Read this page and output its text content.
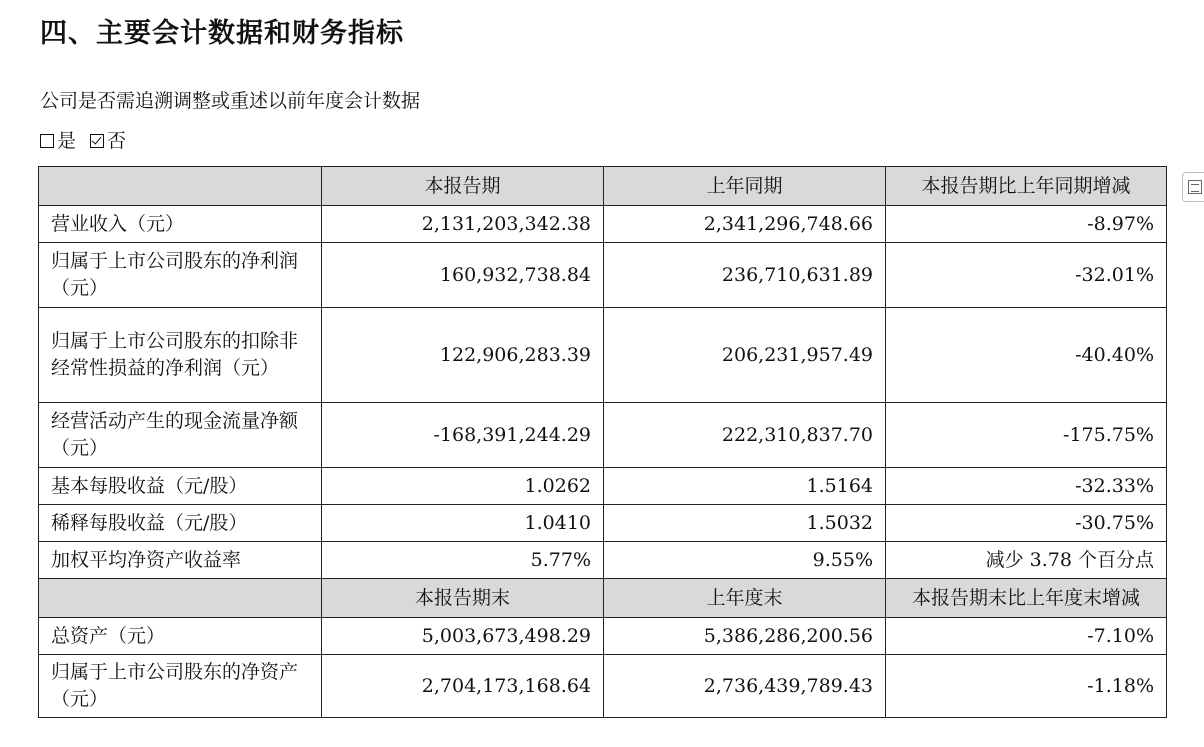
四、主要会计数据和财务指标
公司是否需追溯调整或重述以前年度会计数据
是 否
	本报告期	上年同期	本报告期比上年同期增减
营业收入（元）	2,131,203,342.38	2,341,296,748.66	-8.97%
归属于上市公司股东的净利润（元）	160,932,738.84	236,710,631.89	-32.01%
归属于上市公司股东的扣除非经常性损益的净利润（元）	122,906,283.39	206,231,957.49	-40.40%
经营活动产生的现金流量净额（元）	-168,391,244.29	222,310,837.70	-175.75%
基本每股收益（元/股）	1.0262	1.5164	-32.33%
稀释每股收益（元/股）	1.0410	1.5032	-30.75%
加权平均净资产收益率	5.77%	9.55%	减少 3.78 个百分点
	本报告期末	上年度末	本报告期末比上年度末增减
总资产（元）	5,003,673,498.29	5,386,286,200.56	-7.10%
归属于上市公司股东的净资产（元）	2,704,173,168.64	2,736,439,789.43	-1.18%
